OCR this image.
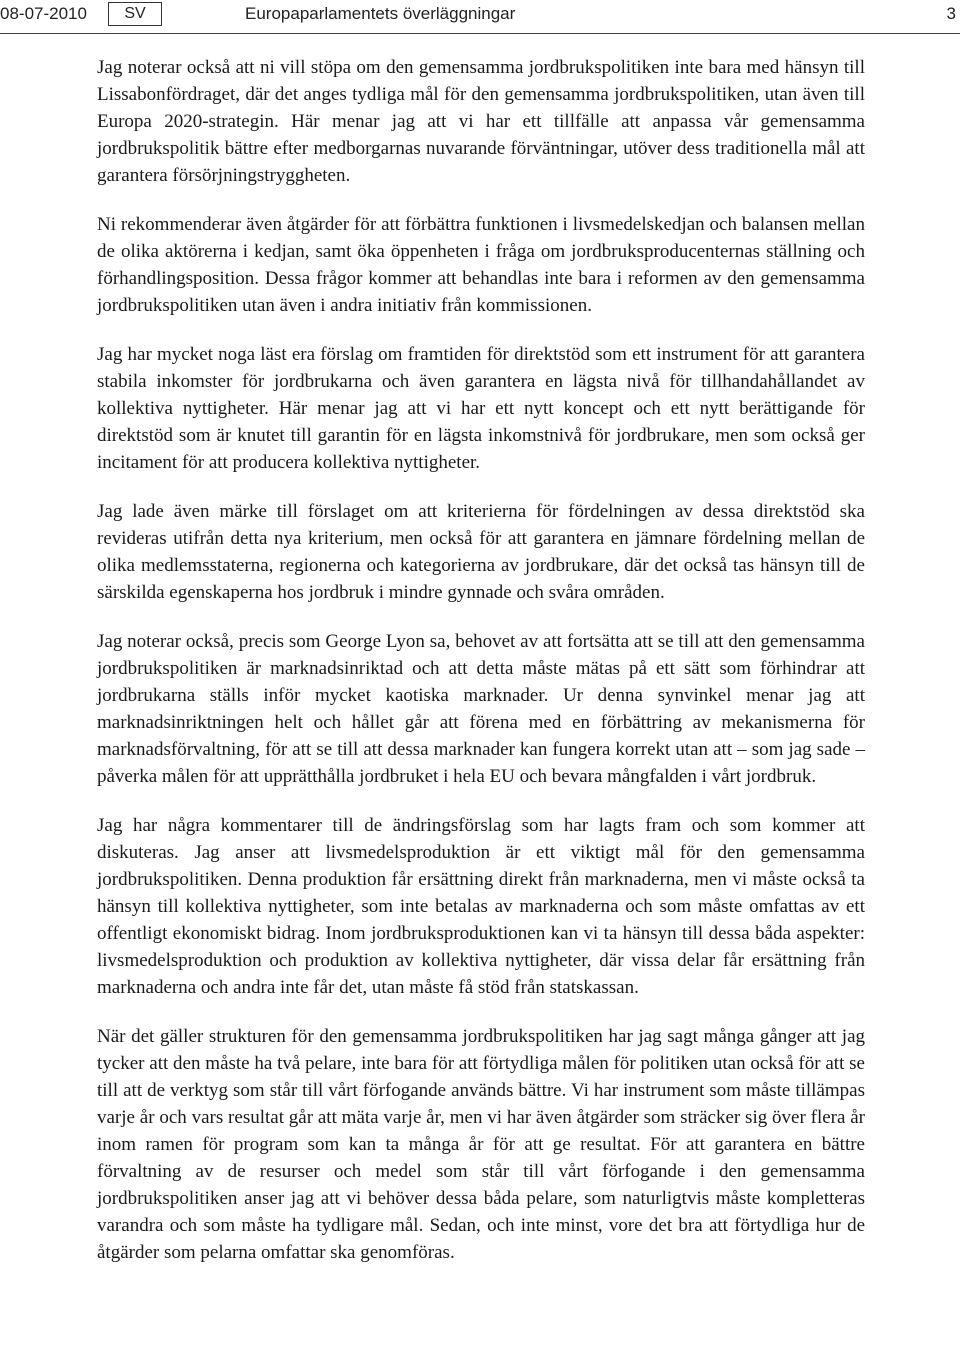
08-07-2010	SV	Europaparlamentets överläggningar	3

Jag noterar också att ni vill stöpa om den gemensamma jordbrukspolitiken inte bara med hänsyn till Lissabonfördraget, där det anges tydliga mål för den gemensamma jordbrukspolitiken, utan även till Europa 2020-strategin. Här menar jag att vi har ett tillfälle att anpassa vår gemensamma jordbrukspolitik bättre efter medborgarnas nuvarande förväntningar, utöver dess traditionella mål att garantera försörjningstryggheten.

Ni rekommenderar även åtgärder för att förbättra funktionen i livsmedelskedjan och balansen mellan de olika aktörerna i kedjan, samt öka öppenheten i fråga om jordbruksproducenternas ställning och förhandlingsposition. Dessa frågor kommer att behandlas inte bara i reformen av den gemensamma jordbrukspolitiken utan även i andra initiativ från kommissionen.

Jag har mycket noga läst era förslag om framtiden för direktstöd som ett instrument för att garantera stabila inkomster för jordbrukarna och även garantera en lägsta nivå för tillhandahållandet av kollektiva nyttigheter. Här menar jag att vi har ett nytt koncept och ett nytt berättigande för direktstöd som är knutet till garantin för en lägsta inkomstnivå för jordbrukare, men som också ger incitament för att producera kollektiva nyttigheter.

Jag lade även märke till förslaget om att kriterierna för fördelningen av dessa direktstöd ska revideras utifrån detta nya kriterium, men också för att garantera en jämnare fördelning mellan de olika medlemsstaterna, regionerna och kategorierna av jordbrukare, där det också tas hänsyn till de särskilda egenskaperna hos jordbruk i mindre gynnade och svåra områden.

Jag noterar också, precis som George Lyon sa, behovet av att fortsätta att se till att den gemensamma jordbrukspolitiken är marknadsinriktad och att detta måste mätas på ett sätt som förhindrar att jordbrukarna ställs inför mycket kaotiska marknader. Ur denna synvinkel menar jag att marknadsinriktningen helt och hållet går att förena med en förbättring av mekanismerna för marknadsförvaltning, för att se till att dessa marknader kan fungera korrekt utan att – som jag sade – påverka målen för att upprätthålla jordbruket i hela EU och bevara mångfalden i vårt jordbruk.

Jag har några kommentarer till de ändringsförslag som har lagts fram och som kommer att diskuteras. Jag anser att livsmedelsproduktion är ett viktigt mål för den gemensamma jordbrukspolitiken. Denna produktion får ersättning direkt från marknaderna, men vi måste också ta hänsyn till kollektiva nyttigheter, som inte betalas av marknaderna och som måste omfattas av ett offentligt ekonomiskt bidrag. Inom jordbruksproduktionen kan vi ta hänsyn till dessa båda aspekter: livsmedelsproduktion och produktion av kollektiva nyttigheter, där vissa delar får ersättning från marknaderna och andra inte får det, utan måste få stöd från statskassan.

När det gäller strukturen för den gemensamma jordbrukspolitiken har jag sagt många gånger att jag tycker att den måste ha två pelare, inte bara för att förtydliga målen för politiken utan också för att se till att de verktyg som står till vårt förfogande används bättre. Vi har instrument som måste tillämpas varje år och vars resultat går att mäta varje år, men vi har även åtgärder som sträcker sig över flera år inom ramen för program som kan ta många år för att ge resultat. För att garantera en bättre förvaltning av de resurser och medel som står till vårt förfogande i den gemensamma jordbrukspolitiken anser jag att vi behöver dessa båda pelare, som naturligtvis måste kompletteras varandra och som måste ha tydligare mål. Sedan, och inte minst, vore det bra att förtydliga hur de åtgärder som pelarna omfattar ska genomföras.
